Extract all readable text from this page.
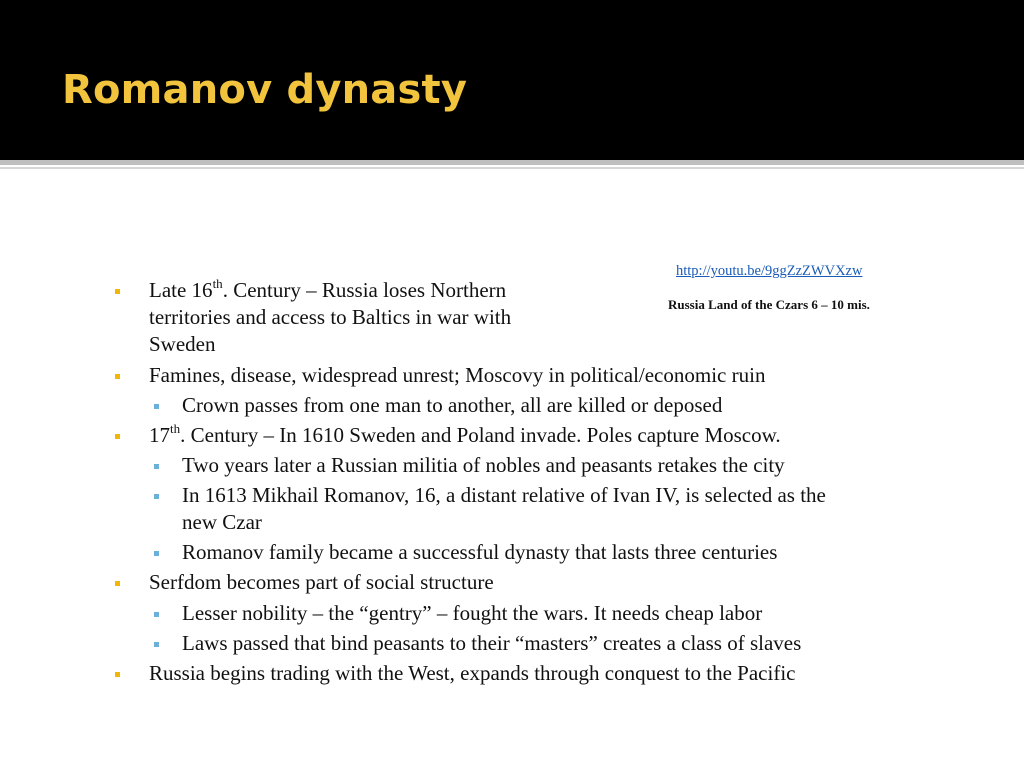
Romanov dynasty
http://youtu.be/9ggZzZWVXzw
Russia Land of the Czars 6 – 10 mis.
Late 16th. Century – Russia loses Northern
territories and access to Baltics in war with
Sweden
Famines, disease, widespread unrest; Moscovy in political/economic ruin
Crown passes from one man to another, all are killed or deposed
17th. Century – In 1610 Sweden and Poland invade. Poles capture Moscow.
Two years later a Russian militia of nobles and peasants retakes the city
In 1613 Mikhail Romanov, 16, a distant relative of Ivan IV, is selected as the
new Czar
Romanov family became a successful dynasty that lasts three centuries
Serfdom becomes part of social structure
Lesser nobility – the “gentry” – fought the wars. It needs cheap labor
Laws passed that bind peasants to their “masters” creates a class of slaves
Russia begins trading with the West, expands through conquest to the Pacific
